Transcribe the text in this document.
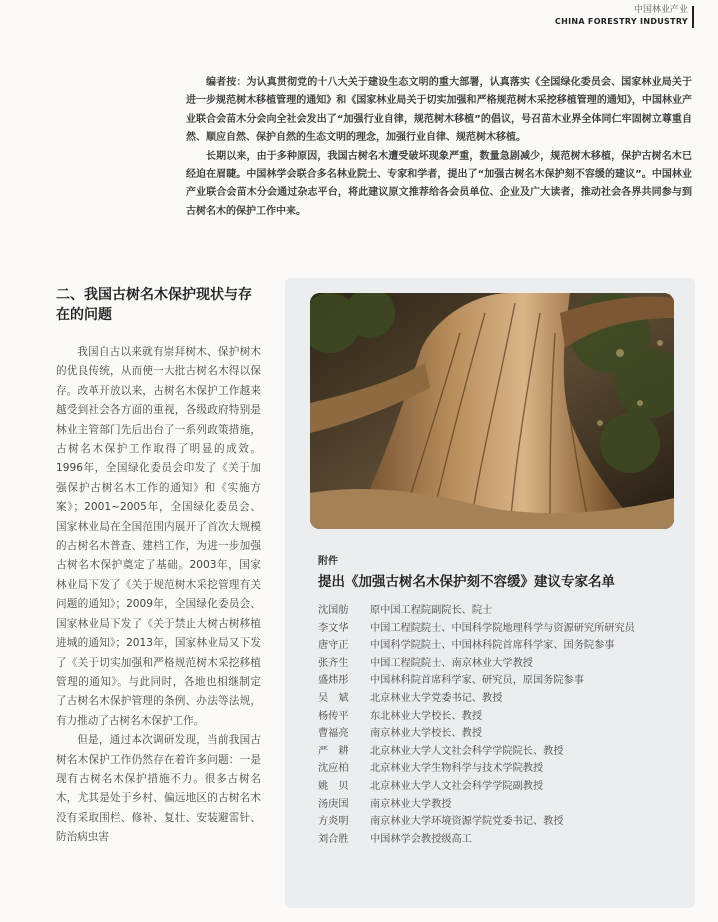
中国林业产业
CHINA FORESTRY INDUSTRY

编者按：为认真贯彻党的十八大关于建设生态文明的重大部署，认真落实《全国绿化委员会、国家林业局关于进一步规范树木移植管理的通知》和《国家林业局关于切实加强和严格规范树木采挖移植管理的通知》，中国林业产业联合会苗木分会向全社会发出了“加强行业自律，规范树木移植”的倡议，号召苗木业界全体同仁牢固树立尊重自然、顺应自然、保护自然的生态文明的理念，加强行业自律、规范树木移植。

长期以来，由于多种原因，我国古树名木遭受破坏现象严重，数量急剧减少，规范树木移植，保护古树名木已经迫在眉睫。中国林学会联合多名林业院士、专家和学者，提出了“加强古树名木保护刻不容缓的建议”。中国林业产业联合会苗木分会通过杂志平台，将此建议原文推荐给各会员单位、企业及广大读者，推动社会各界共同参与到古树名木的保护工作中来。

二、我国古树名木保护现状与存在的问题

我国自古以来就有崇拜树木、保护树木的优良传统，从而使一大批古树名木得以保存。改革开放以来，古树名木保护工作越来越受到社会各方面的重视，各级政府特别是林业主管部门先后出台了一系列政策措施，古树名木保护工作取得了明显的成效。1996年，全国绿化委员会印发了《关于加强保护古树名木工作的通知》和《实施方案》；2001~2005年，全国绿化委员会、国家林业局在全国范围内展开了首次大规模的古树名木普查、建档工作，为进一步加强古树名木保护奠定了基础。2003年，国家林业局下发了《关于规范树木采挖管理有关问题的通知》；2009年，全国绿化委员会、国家林业局下发了《关于禁止大树古树移植进城的通知》；2013年，国家林业局又下发了《关于切实加强和严格规范树木采挖移植管理的通知》。与此同时，各地也相继制定了古树名木保护管理的条例、办法等法规，有力推动了古树名木保护工作。

但是，通过本次调研发现，当前我国古树名木保护工作仍然存在着许多问题：一是现有古树名木保护措施不力。很多古树名 木，尤其是处于乡村、偏远地区的古树名木没有采取围栏、修补、复壮、安装避雷针、防治病虫害

附件
提出《加强古树名木保护刻不容缓》建议专家名单
沈国舫	原中国工程院副院长、院士
李文华	中国工程院院士、中国科学院地理科学与资源研究所研究员
唐守正	中国科学院院士、中国林科院首席科学家、国务院参事
张齐生	中国工程院院士、南京林业大学教授
盛炜彤	中国林科院首席科学家、研究员，原国务院参事
吴　斌	北京林业大学党委书记、教授
杨传平	东北林业大学校长、教授
曹福亮	南京林业大学校长、教授
严　耕	北京林业大学人文社会科学学院院长、教授
沈应柏	北京林业大学生物科学与技术学院教授
姚　贝	北京林业大学人文社会科学学院副教授
汤庚国	南京林业大学教授
方炎明	南京林业大学环境资源学院党委书记、教授
刘合胜	中国林学会教授级高工
